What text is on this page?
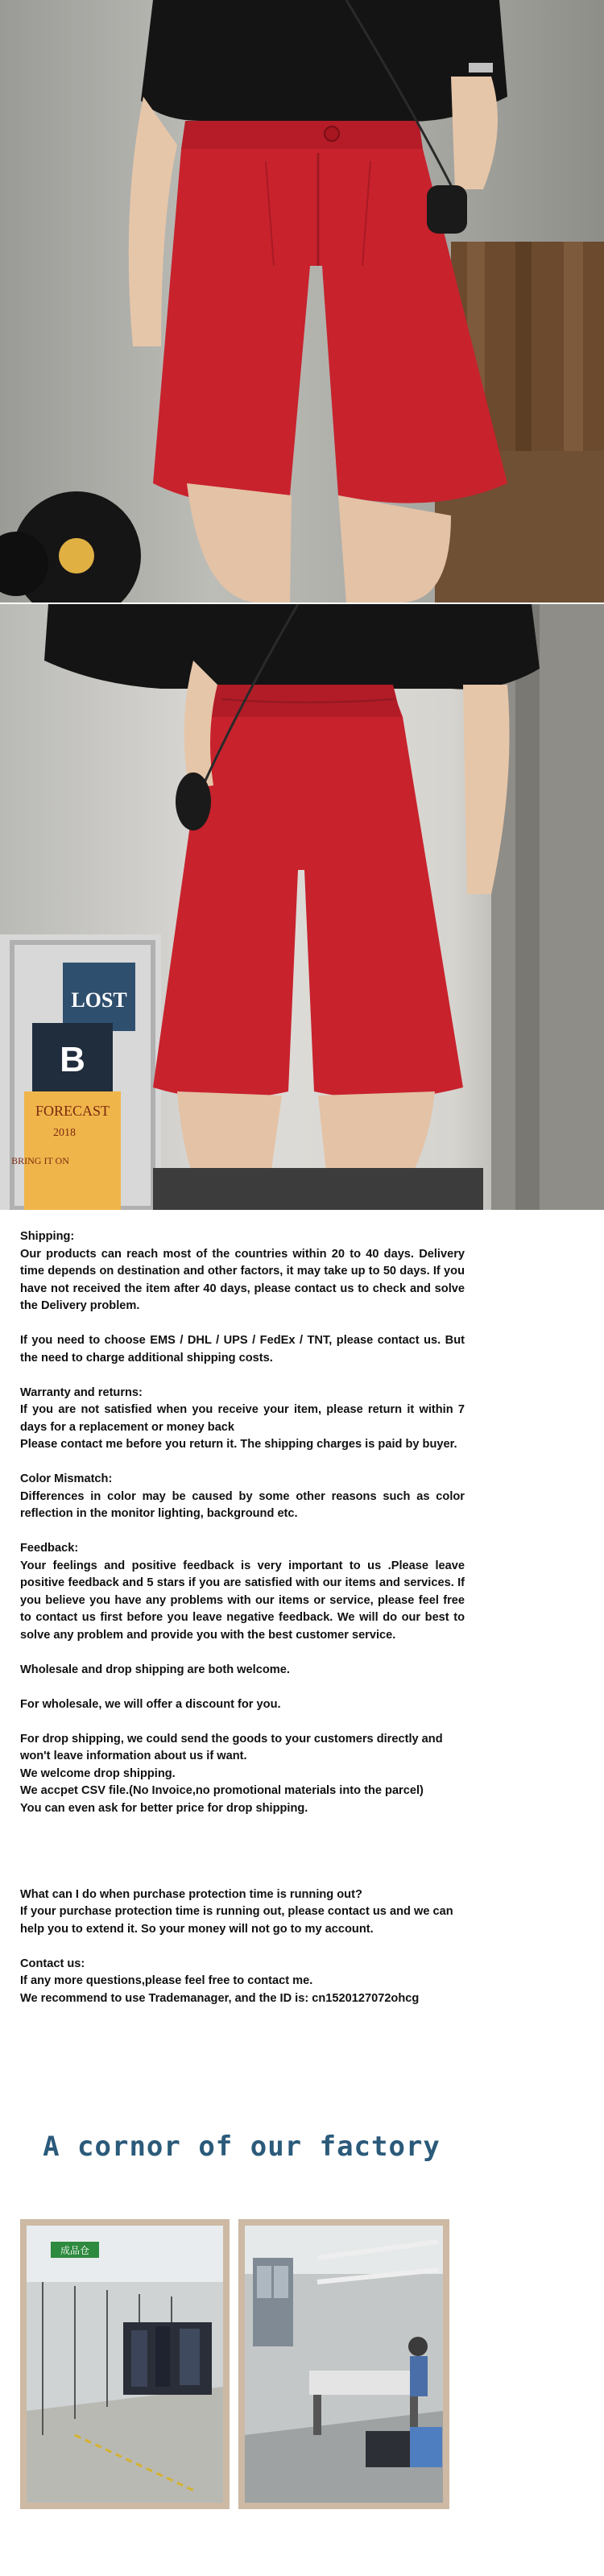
LOST
B
FORECAST
2018
BRING IT ON

Shipping:

Our products can reach most of the countries within 20 to 40 days. Delivery time depends on destination and other factors, it may take up to 50 days. If you have not received the item after 40 days, please contact us to check and solve the Delivery problem.

If you need to choose EMS / DHL / UPS / FedEx / TNT, please contact us. But the need to charge additional shipping costs.

Warranty and returns:

If you are not satisfied when you receive your item, please return it within 7 days for a replacement or money back

Please contact me before you return it. The shipping charges is paid by buyer.

Color Mismatch:

Differences in color may be caused by some other reasons such as color reflection in the monitor lighting, background etc.

Feedback:

Your feelings and positive feedback is very important to us .Please leave positive feedback and 5 stars if you are satisfied with our items and services. If you believe you have any problems with our items or service, please feel free to contact us first before you leave negative feedback. We will do our best to solve any problem and provide you with the best customer service.

Wholesale and drop shipping are both welcome.

For wholesale, we will offer a discount for you.

For drop shipping, we could send the goods to your customers directly and won't leave information about us if want.

We welcome drop shipping.

We accpet CSV file.(No Invoice,no promotional materials into the parcel)

You can even ask for better price for drop shipping.

What can I do when purchase protection time is running out?

If your purchase protection time is running out, please contact us and we can help you to extend it. So your money will not go to my account.

Contact us:

If any more questions,please feel free to contact me.

We recommend to use Trademanager, and the ID is: cn1520127072ohcg

A cornor of our factory
成品仓
